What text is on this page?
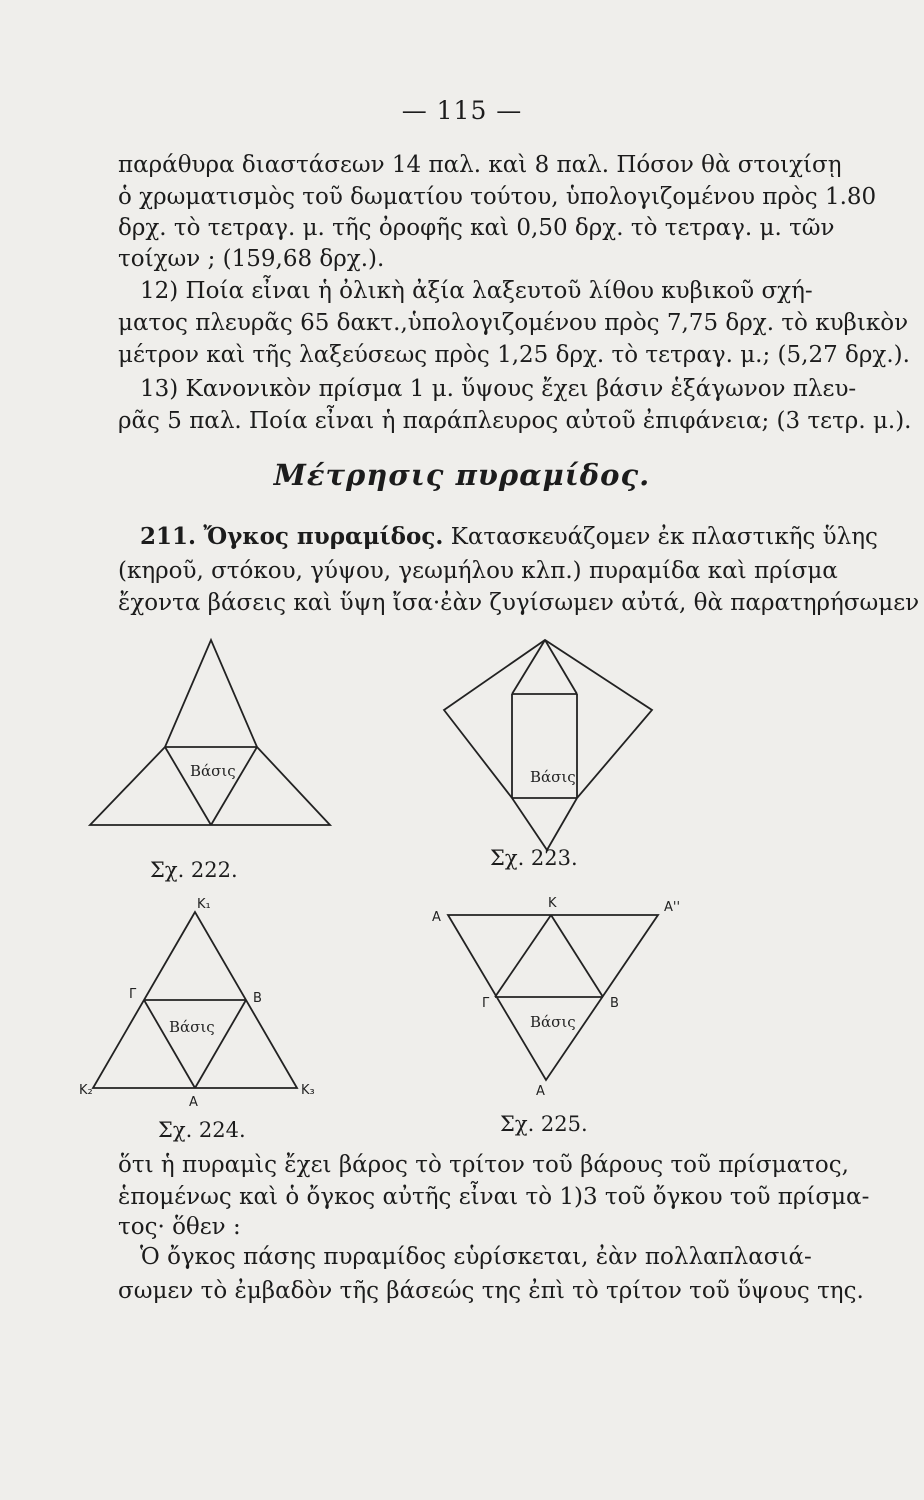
— 115 —
παράθυρα διαστάσεων 14 παλ. καὶ 8 παλ. Πόσον θὰ στοιχίσῃ
ὁ χρωματισμὸς τοῦ δωματίου τούτου, ὑπολογιζομένου πρὸς 1.80
δρχ. τὸ τετραγ. μ. τῆς ὀροφῆς καὶ 0,50 δρχ. τὸ τετραγ. μ. τῶν
τοίχων ; (159,68 δρχ.).
12) Ποία εἶναι ἡ ὀλικὴ ἀξία λαξευτοῦ λίθου κυβικοῦ σχή-
ματος πλευρᾶς 65 δακτ.,ὑπολογιζομένου πρὸς 7,75 δρχ. τὸ κυβικὸν
μέτρον καὶ τῆς λαξεύσεως πρὸς 1,25 δρχ. τὸ τετραγ. μ.; (5,27 δρχ.).
13) Κανονικὸν πρίσμα 1 μ. ὕψους ἔχει βάσιν ἑξάγωνον πλευ-
ρᾶς 5 παλ. Ποία εἶναι ἡ παράπλευρος αὐτοῦ ἐπιφάνεια; (3 τετρ. μ.).
Μέτρησις πυραμίδος.
211. Ὄγκος πυραμίδος. Κατασκευάζομεν ἐκ πλαστικῆς ὕλης
(κηροῦ, στόκου, γύψου, γεωμήλου κλπ.) πυραμίδα καὶ πρίσμα
ἔχοντα βάσεις καὶ ὕψη ἴσα·ἐὰν ζυγίσωμεν αὐτά, θὰ παρατηρήσωμεν
Βάσις
Σχ. 222.
Βάσις
Σχ. 223.
Κ₁
Γ	Β
Κ₂
Α
Κ₃
Βάσις
Σχ. 224.
Α
Κ	Α''
Γ	Β
Α
Βάσις
Σχ. 225.
ὅτι ἡ πυραμὶς ἔχει βάρος τὸ τρίτον τοῦ βάρους τοῦ πρίσματος,
ἑπομένως καὶ ὁ ὄγκος αὐτῆς εἶναι τὸ 1)3 τοῦ ὄγκου τοῦ πρίσμα-
τος· ὅθεν :
Ὁ ὄγκος πάσης πυραμίδος εὑρίσκεται, ἐὰν πολλαπλασιά-
σωμεν τὸ ἐμβαδὸν τῆς βάσεώς της ἐπὶ τὸ τρίτον τοῦ ὕψους της.
